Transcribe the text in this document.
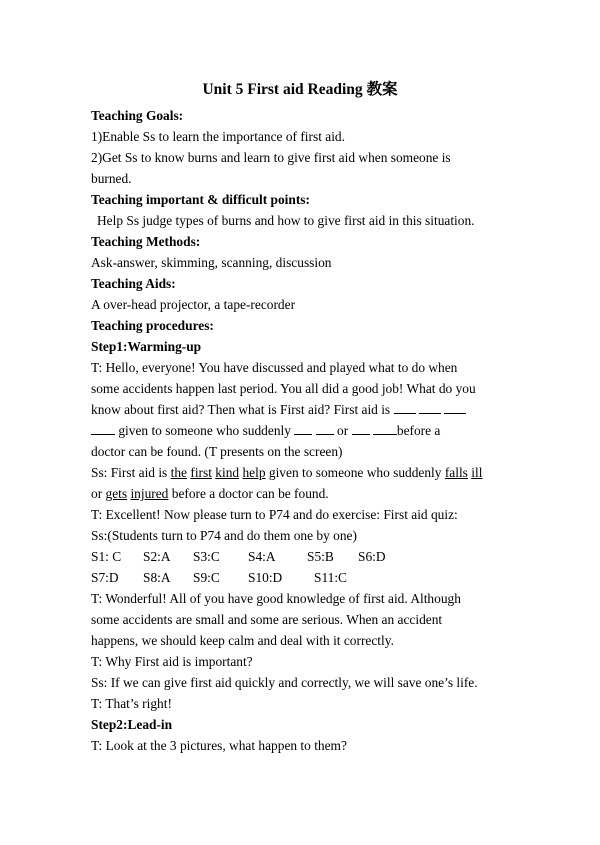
Unit 5 First aid Reading 教案
Teaching Goals:
1)Enable Ss to learn the importance of first aid.
2)Get Ss to know burns and learn to give first aid when someone is
burned.
Teaching important & difficult points:
Help Ss judge types of burns and how to give first aid in this situation.
Teaching Methods:
Ask-answer, skimming, scanning, discussion
Teaching Aids:
A over-head projector, a tape-recorder
Teaching procedures:
Step1:Warming-up
T: Hello, everyone! You have discussed and played what to do when
some accidents happen last period. You all did a good job! What do you
know about first aid? Then what is First aid? First aid is
given to someone who suddenly	or	before a
doctor can be found. (T presents on the screen)
Ss: First aid is the first kind help given to someone who suddenly falls ill
or gets injured before a doctor can be found.
T: Excellent! Now please turn to P74 and do exercise: First aid quiz:
Ss:(Students turn to P74 and do them one by one)
S1: C S2:A S3:C S4:A S5:B S6:D
S7:D S8:A S9:C S10:D S11:C
T: Wonderful! All of you have good knowledge of first aid. Although
some accidents are small and some are serious. When an accident
happens, we should keep calm and deal with it correctly.
T: Why First aid is important?
Ss: If we can give first aid quickly and correctly, we will save one’s life.
T: That’s right!
Step2:Lead-in
T: Look at the 3 pictures, what happen to them?
